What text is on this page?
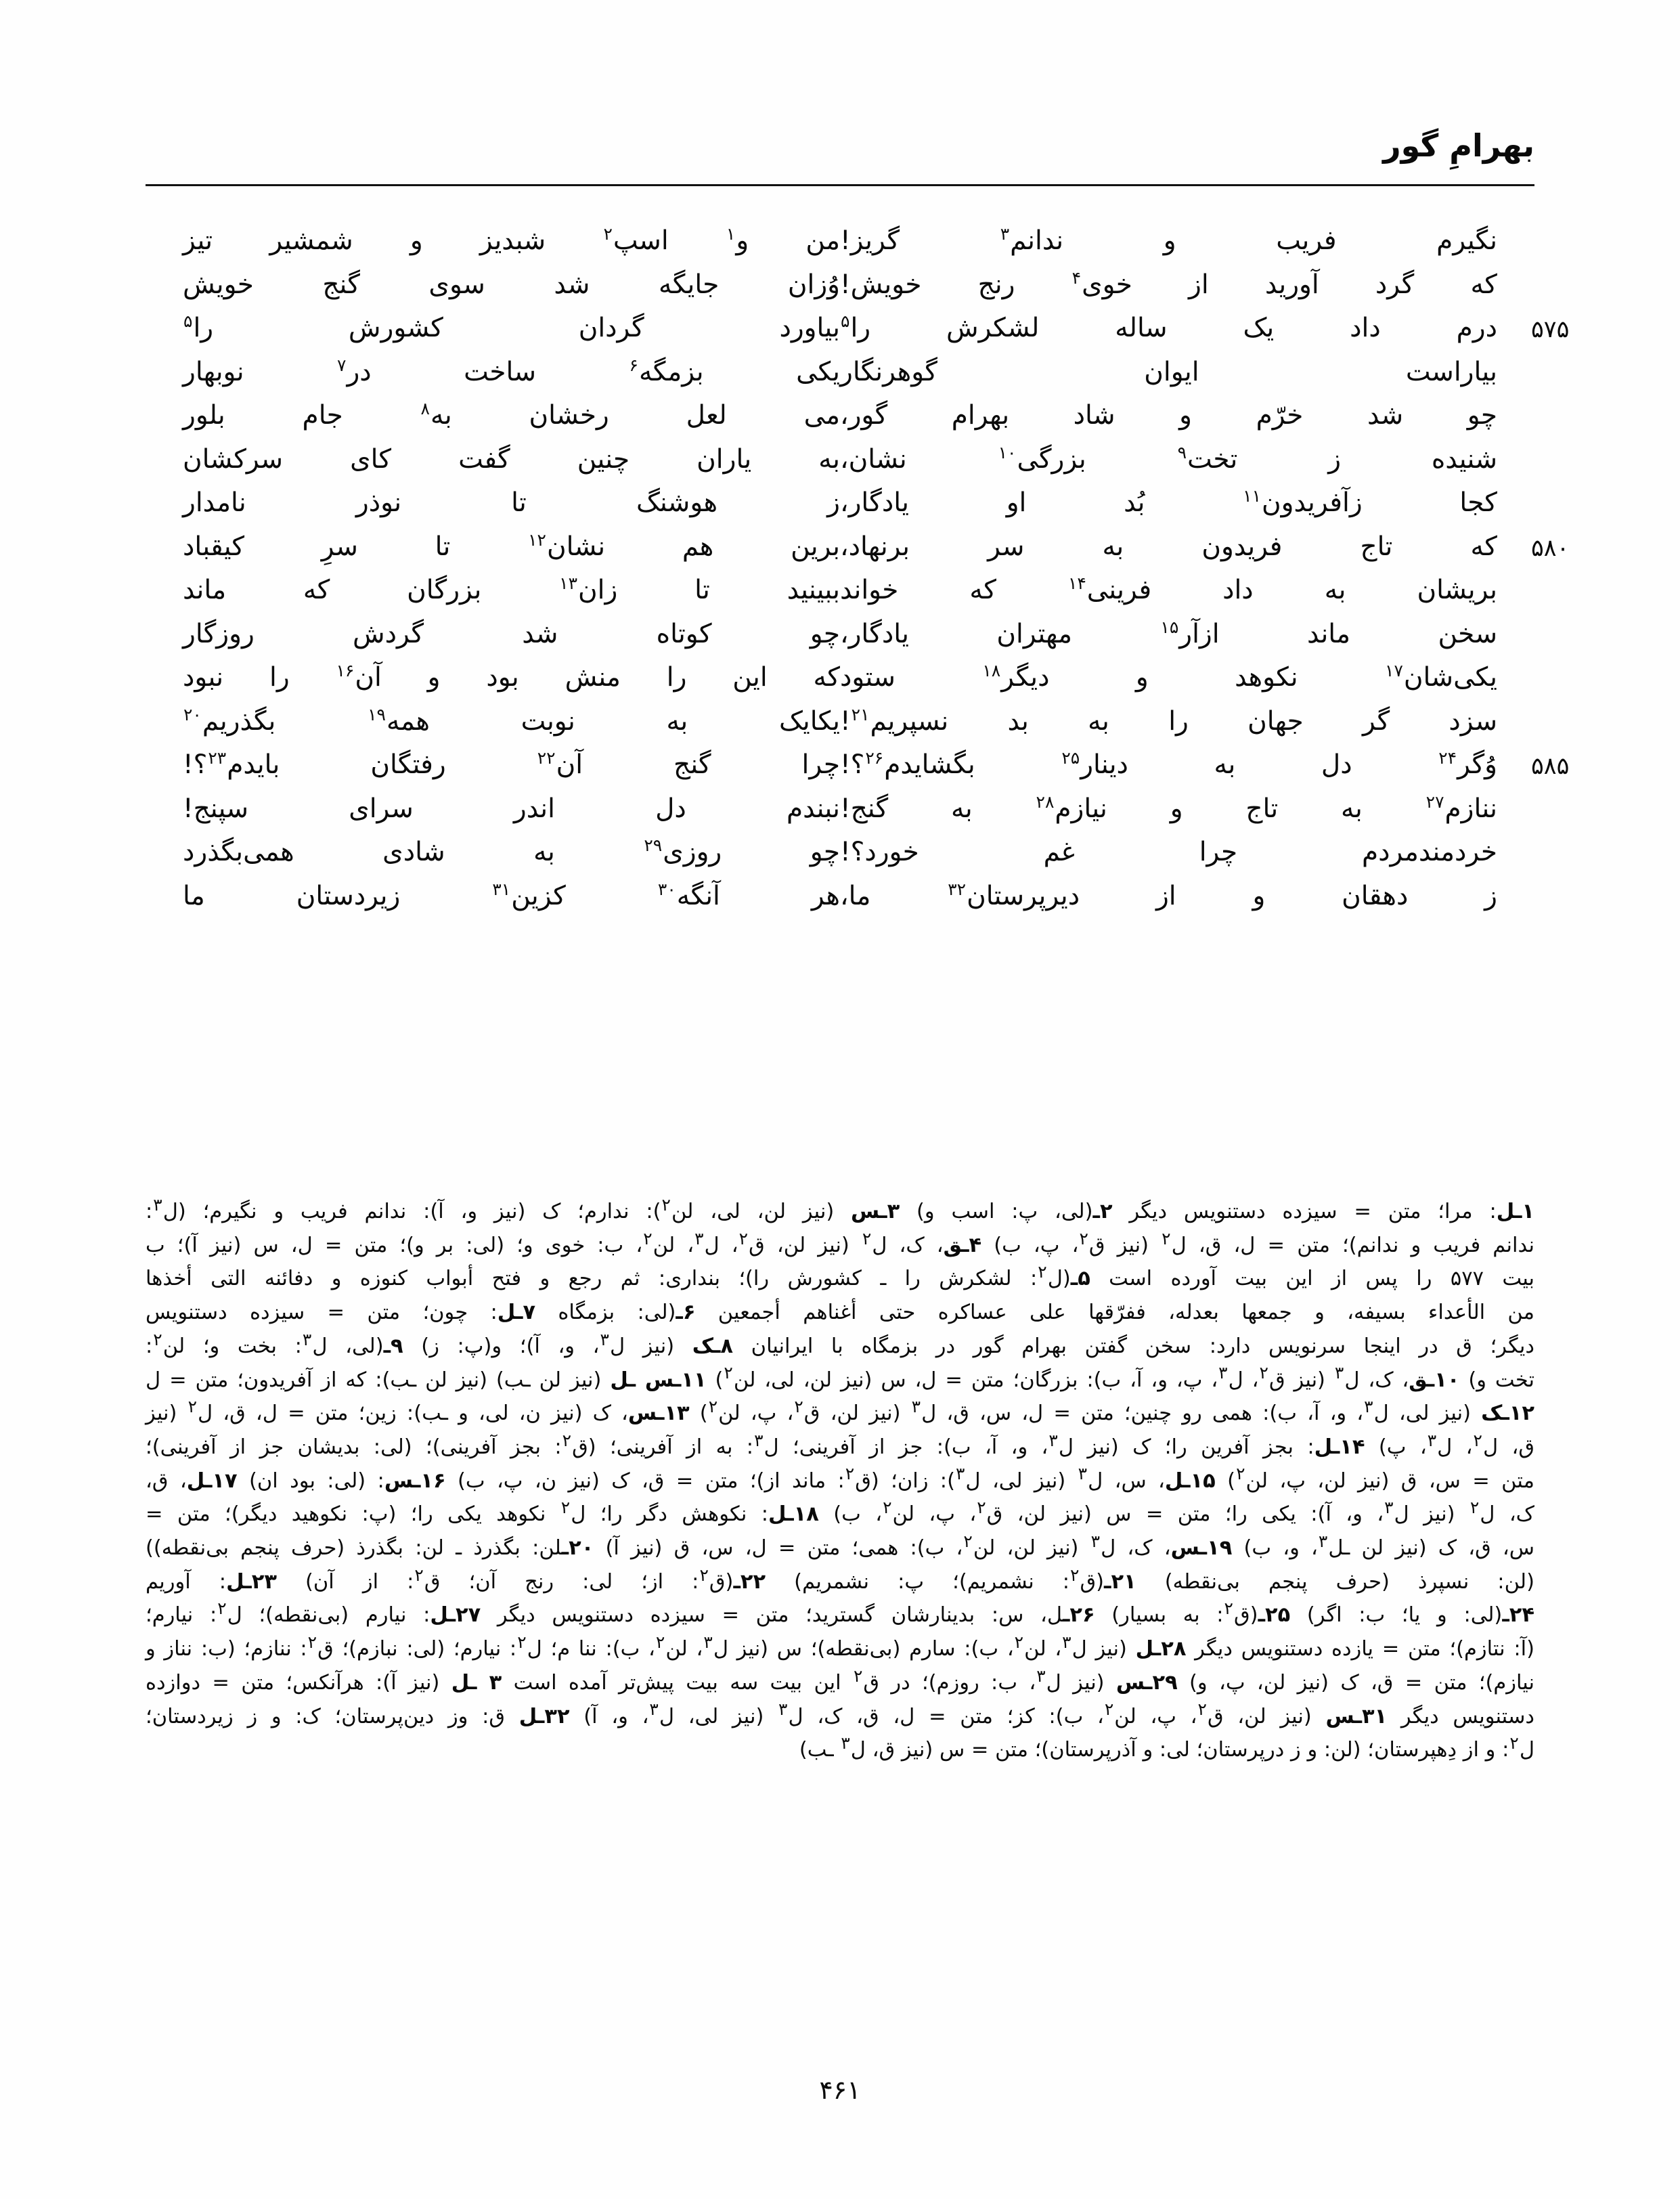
بهرامِ گور
نگیرم فریب و ندانم$^۳$ گریز!
من و$^۱$ اسپ$^۲$ شبدیز و شمشیر تیز
که گرد آورید از خوی$^۴$ رنج خویش!
وُزان جایگه شد سوی گنج خویش
۵۷۵
درم داد یک ساله لشکرش را$^۵$
بیاورد گردان کشورش را$^۵$
بیاراست ایوان گوهرنگار
یکی بزمگه$^۶$ ساخت در$^۷$ نوبهار
چو شد خرّم و شاد بهرام گور،
می لعل رخشان به$^۸$ جام بلور
شنیده ز تخت$^۹$ بزرگی$^{۱۰}$ نشان،
به یاران چنین گفت کای سرکشان
کجا زآفریدون$^{۱۱}$ بُد او یادگار،
ز هوشنگ تا نوذر نامدار
۵۸۰
که تاج فریدون به سر برنهاد،
برین هم نشان$^{۱۲}$ تا سرِ کیقباد
بریشان به داد فرینی$^{۱۴}$ که خواند
ببینید تا زان$^{۱۳}$ بزرگان که ماند
سخن ماند ازآر$^{۱۵}$ مهتران یادگار،
چو کوتاه شد گردش روزگار
یکی‌شان$^{۱۷}$ نکوهد و دیگر$^{۱۸}$ ستود
که این را منش بود و آن$^{۱۶}$ را نبود
سزد گر جهان را به بد نسپریم$^{۲۱}$!
یکایک به نوبت همه$^{۱۹}$ بگذریم$^{۲۰}$
۵۸۵
وُگر$^{۲۴}$ دل به دینار$^{۲۵}$ بگشایدم$^{۲۶}$؟!
چرا گنج آن$^{۲۲}$ رفتگان بایدم$^{۲۳}$؟!
ننازم$^{۲۷}$ به تاج و نیازم$^{۲۸}$ به گنج!
نبندم دل اندر سرای سپنج!
خردمندمردم چرا غم خورد؟!
چو روزی$^{۲۹}$ به شادی همی‌بگذرد
ز دهقان و از دیرپرستان$^{۳۲}$ ما،
هر آنگه$^{۳۰}$ کزین$^{۳۱}$ زیردستان ما

۱ـل: مرا؛ متن = سیزده دستنویس دیگر ۲ـ(لی، پ: اسب و) ۳ـس (نیز لن، لی، لن$^۲$): ندارم؛ ک (نیز و، آ): ندانم فریب و نگیرم؛ (ل$^۳$:

ندانم فریب و ندانم)؛ متن = ل، ق، ل$^۲$ (نیز ق$^۲$، پ، ب) ۴ـق، ک، ل$^۲$ (نیز لن، ق$^۲$، ل$^۳$، لن$^۲$، ب: خوی و؛ (لی: بر و)؛ متن = ل، س (نیز آ)؛ ب

بیت ۵۷۷ را پس از این بیت آورده است ۵ـ(ل$^۲$: لشکرش را ـ کشورش را)؛ بنداری: ثم رجع و فتح أبواب کنوزه و دفائنه التی أخذها

من الأعداء بسیفه، و جمعها بعدله، ففرّقها علی عساکره حتی أغناهم أجمعین ۶ـ(لی: بزمگاه ۷ـل: چون؛ متن = سیزده دستنویس

دیگر؛ ق در اینجا سرنویس دارد: سخن گفتن بهرام گور در بزمگاه با ایرانیان ۸ـک (نیز ل$^۳$، و، آ)؛ و(پ: ز) ۹ـ(لی، ل$^۳$: بخت و؛ لن$^۲$:

تخت و) ۱۰ـق، ک، ل$^۳$ (نیز ق$^۲$، ل$^۳$، پ، و، آ، ب): بزرگان؛ متن = ل، س (نیز لن، لی، لن$^۲$) ۱۱ـس ـل (نیز لن ـب) (نیز لن ـب): که از آفریدون؛ متن = ل

۱۲ـک (نیز لی، ل$^۳$، و، آ، ب): همی رو چنین؛ متن = ل، س، ق، ل$^۳$ (نیز لن، ق$^۲$، پ، لن$^۲$) ۱۳ـس، ک (نیز ن، لی، و ـب): زین؛ متن = ل، ق، ل$^۲$ (نیز

ق، ل$^۲$، ل$^۳$، پ) ۱۴ـل: بجز آفرین را؛ ک (نیز ل$^۳$، و، آ، ب): جز از آفرینی؛ ل$^۳$: به از آفرینی؛ (ق$^۲$: بجز آفرینی)؛ (لی: بدیشان جز از آفرینی)؛

متن = س، ق (نیز لن، پ، لن$^۲$) ۱۵ـل، س، ل$^۳$ (نیز لی، ل$^۳$): زان؛ (ق$^۲$: ماند از)؛ متن = ق، ک (نیز ن، پ، ب) ۱۶ـس: (لی: بود ان) ۱۷ـل، ق،

ک، ل$^۲$ (نیز ل$^۳$، و، آ): یکی را؛ متن = س (نیز لن، ق$^۲$، پ، لن$^۲$، ب) ۱۸ـل: نکوهش دگر را؛ ل$^۲$ نکوهد یکی را؛ (پ: نکوهید دیگر)؛ متن =

س، ق، ک (نیز لن ـل$^۳$، و، ب) ۱۹ـس، ک، ل$^۳$ (نیز لن، لن$^۲$، ب): همی؛ متن = ل، س، ق (نیز آ) ۲۰ـلن: بگذرذ ـ لن: بگذرذ (حرف پنجم بی‌نقطه))

(لن: نسپرذ (حرف پنجم بی‌نقطه) ۲۱ـ(ق$^۲$: نشمریم)؛ پ: نشمریم) ۲۲ـ(ق$^۲$: از؛ لی: رنج آن؛ ق$^۲$: از آن) ۲۳ـل: آوریم

۲۴ـ(لی: و یا؛ ب: اگر) ۲۵ـ(ق$^۲$: به بسیار) ۲۶ـل، س: بدینارشان گسترید؛ متن = سیزده دستنویس دیگر ۲۷ـل: نیارم (بی‌نقطه)؛ ل$^۲$: نیارم؛

(آ: نتازم)؛ متن = یازده دستنویس دیگر ۲۸ـل (نیز ل$^۳$، لن$^۲$، ب): سارم (بی‌نقطه)؛ س (نیز ل$^۳$، لن$^۲$، ب): ننا م؛ ل$^۲$: نیارم؛ (لی: نبازم)؛ ق$^۲$: ننازم؛ (ب: نناز و

نیازم)؛ متن = ق، ک (نیز لن، پ، و) ۲۹ـس (نیز ل$^۳$، ب: روزم)؛ در ق$^۲$ این بیت سه بیت پیش‌تر آمده است ۳ ـل (نیز آ): هرآنکس؛ متن = دوازده

دستنویس دیگر ۳۱ـس (نیز لن، ق$^۲$، پ، لن$^۲$، ب): کز؛ متن = ل، ق، ک، ل$^۳$ (نیز لی، ل$^۳$، و، آ) ۳۲ـل ق: وز دین‌پرستان؛ ک: و ز زیردستان؛

ل$^۲$: و از دِهپرستان؛ (لن: و ز درپرستان؛ لی: و آذرپرستان)؛ متن = س (نیز ق، ل$^۳$ ـب)

۴۶۱
